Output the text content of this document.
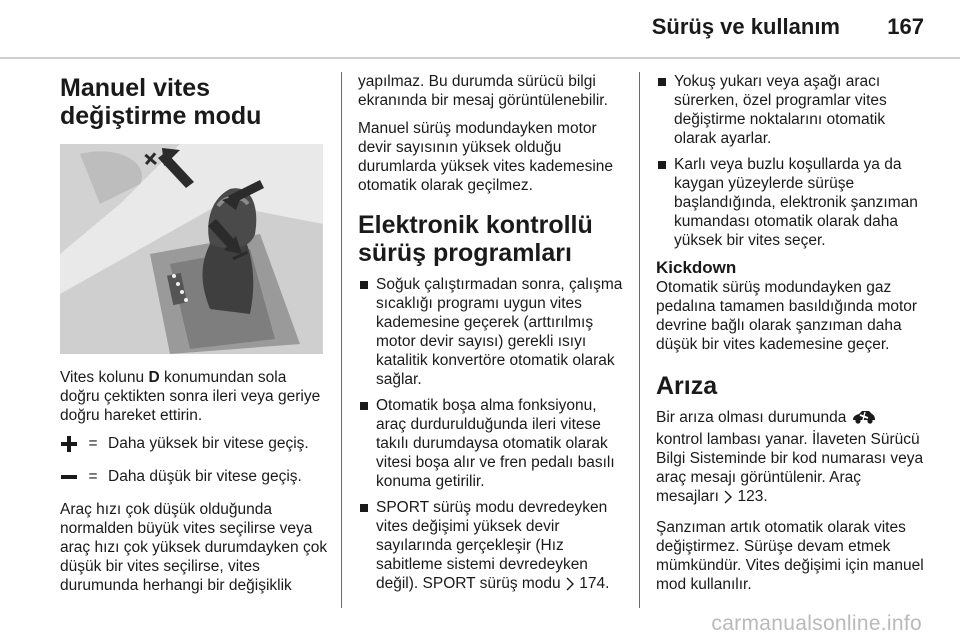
Sürüş ve kullanım 167
Manuel vites değiştirme modu

Vites kolunu D konumundan sola doğru çektikten sonra ileri veya geriye doğru hareket ettirin.

= Daha yüksek bir vitese geçiş.
= Daha düşük bir vitese geçiş.

Araç hızı çok düşük olduğunda normalden büyük vites seçilirse veya araç hızı çok yüksek durumdayken çok düşük bir vites seçilirse, vites durumunda herhangi bir değişiklik

yapılmaz. Bu durumda sürücü bilgi ekranında bir mesaj görüntülenebilir.

Manuel sürüş modundayken motor devir sayısının yüksek olduğu durumlarda yüksek vites kademesine otomatik olarak geçilmez.

Elektronik kontrollü sürüş programları
Soğuk çalıştırmadan sonra, çalışma sıcaklığı programı uygun vites kademesine geçerek (arttırılmış motor devir sayısı) gerekli ısıyı katalitik konvertöre otomatik olarak sağlar.
Otomatik boşa alma fonksiyonu, araç durdurulduğunda ileri vitese takılı durumdaysa otomatik olarak vitesi boşa alır ve fren pedalı basılı konuma getirilir.
SPORT sürüş modu devredeyken vites değişimi yüksek devir sayılarında gerçekleşir (Hız sabitleme sistemi devredeyken değil). SPORT sürüş modu  174.
Yokuş yukarı veya aşağı aracı sürerken, özel programlar vites değiştirme noktalarını otomatik olarak ayarlar.
Karlı veya buzlu koşullarda ya da kaygan yüzeylerde sürüşe başlandığında, elektronik şanzıman kumandası otomatik olarak daha yüksek bir vites seçer.
Kickdown

Otomatik sürüş modundayken gaz pedalına tamamen basıldığında motor devrine bağlı olarak şanzıman daha düşük bir vites kademesine geçer.

Arıza

Bir arıza olması durumunda  kontrol lambası yanar. İlaveten Sürücü Bilgi Sisteminde bir kod numarası veya araç mesajı görüntülenir. Araç mesajları  123.

Şanzıman artık otomatik olarak vites değiştirmez. Sürüşe devam etmek mümkündür. Vites değişimi için manuel mod kullanılır.

carmanualsonline.info
